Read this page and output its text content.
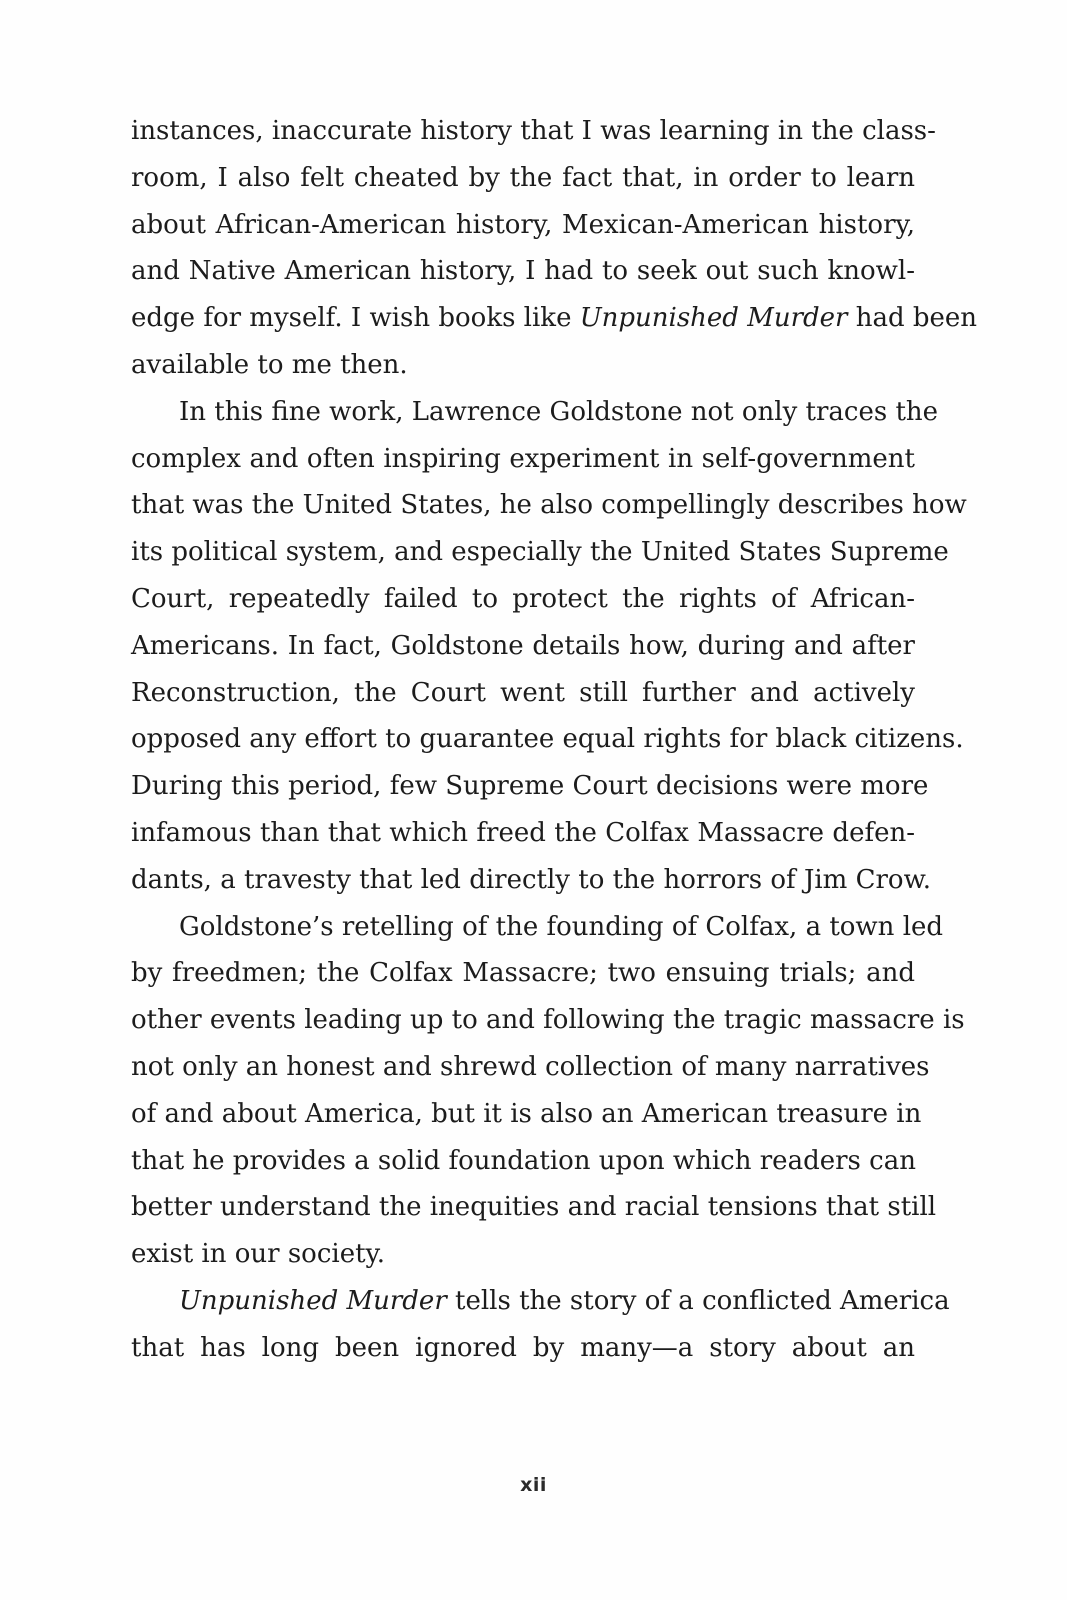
instances, inaccurate history that I was learning in the class-
room, I also felt cheated by the fact that, in order to learn
about African-American history, Mexican-American history,
and Native American history, I had to seek out such knowl-
edge for myself. I wish books like Unpunished Murder had been
available to me then.
In this fine work, Lawrence Goldstone not only traces the
complex and often inspiring experiment in self-government
that was the United States, he also compellingly describes how
its political system, and especially the United States Supreme
Court, repeatedly failed to protect the rights of African-
Americans. In fact, Goldstone details how, during and after
Reconstruction, the Court went still further and actively
opposed any effort to guarantee equal rights for black citizens.
During this period, few Supreme Court decisions were more
infamous than that which freed the Colfax Massacre defen-
dants, a travesty that led directly to the horrors of Jim Crow.
Goldstone’s retelling of the founding of Colfax, a town led
by freedmen; the Colfax Massacre; two ensuing trials; and
other events leading up to and following the tragic massacre is
not only an honest and shrewd collection of many narratives
of and about America, but it is also an American treasure in
that he provides a solid foundation upon which readers can
better understand the inequities and racial tensions that still
exist in our society.
Unpunished Murder tells the story of a conflicted America
that has long been ignored by many—a story about an
xii
